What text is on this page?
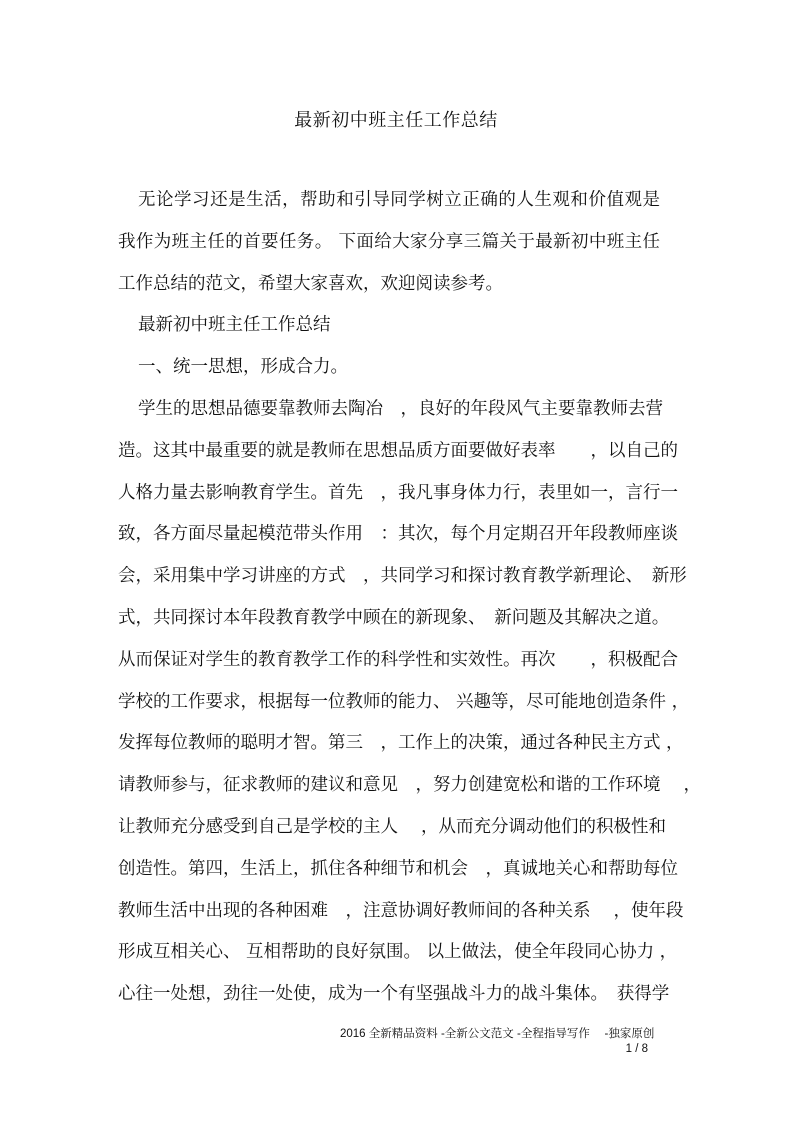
最新初中班主任工作总结
无论学习还是生活，帮助和引导同学树立正确的人生观和价值观是
我作为班主任的首要任务。 下面给大家分享三篇关于最新初中班主任
工作总结的范文，希望大家喜欢，欢迎阅读参考。
最新初中班主任工作总结
一、统一思想，形成合力。
学生的思想品德要靠教师去陶冶　，良好的年段风气主要靠教师去营
造。这其中最重要的就是教师在思想品质方面要做好表率　　，以自己的
人格力量去影响教育学生。首先　，我凡事身体力行，表里如一，言行一
致，各方面尽量起模范带头作用　：其次，每个月定期召开年段教师座谈
会，采用集中学习讲座的方式　，共同学习和探讨教育教学新理论、　新形
式，共同探讨本年段教育教学中顾在的新现象、　新问题及其解决之道。
从而保证对学生的教育教学工作的科学性和实效性。再次　　，积极配合
学校的工作要求，根据每一位教师的能力、 兴趣等，尽可能地创造条件 ，
发挥每位教师的聪明才智。第三　，工作上的决策，通过各种民主方式 ，
请教师参与，征求教师的建议和意见　，努力创建宽松和谐的工作环境　 ，
让教师充分感受到自己是学校的主人　 ，从而充分调动他们的积极性和
创造性。第四，生活上，抓住各种细节和机会　，真诚地关心和帮助每位
教师生活中出现的各种困难　，注意协调好教师间的各种关系　 ，使年段
形成互相关心、 互相帮助的良好氛围。 以上做法，使全年段同心协力 ，
心往一处想，劲往一处使，成为一个有坚强战斗力的战斗集体。　获得学
2016 全新精品资料 -全新公文范文 -全程指导写作　 -独家原创
1 / 8
